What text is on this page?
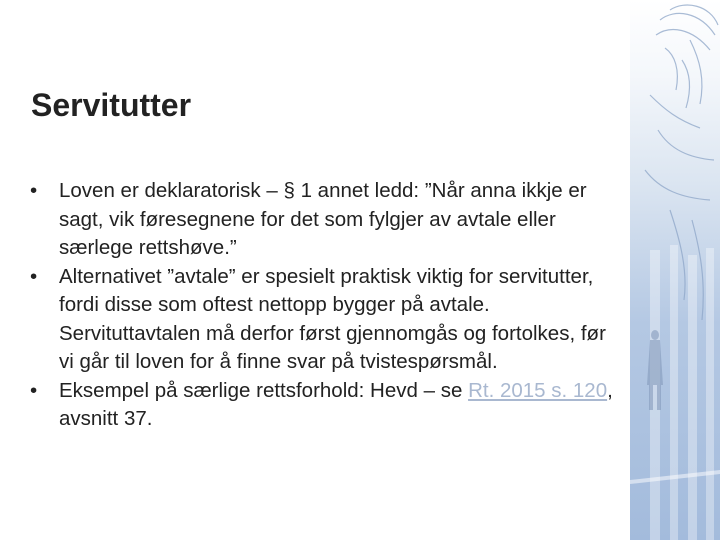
Servitutter
• Loven er deklaratorisk – § 1 annet ledd: ”Når anna ikkje er sagt, vik føresegnene for det som fylgjer av avtale eller særlege rettshøve.”
• Alternativet ”avtale” er spesielt praktisk viktig for servitutter, fordi disse som oftest nettopp bygger på avtale. Servituttavtalen må derfor først gjennomgås og fortolkes, før vi går til loven for å finne svar på tvistespørsmål.
• Eksempel på særlige rettsforhold: Hevd – se Rt. 2015 s. 120, avsnitt 37.
